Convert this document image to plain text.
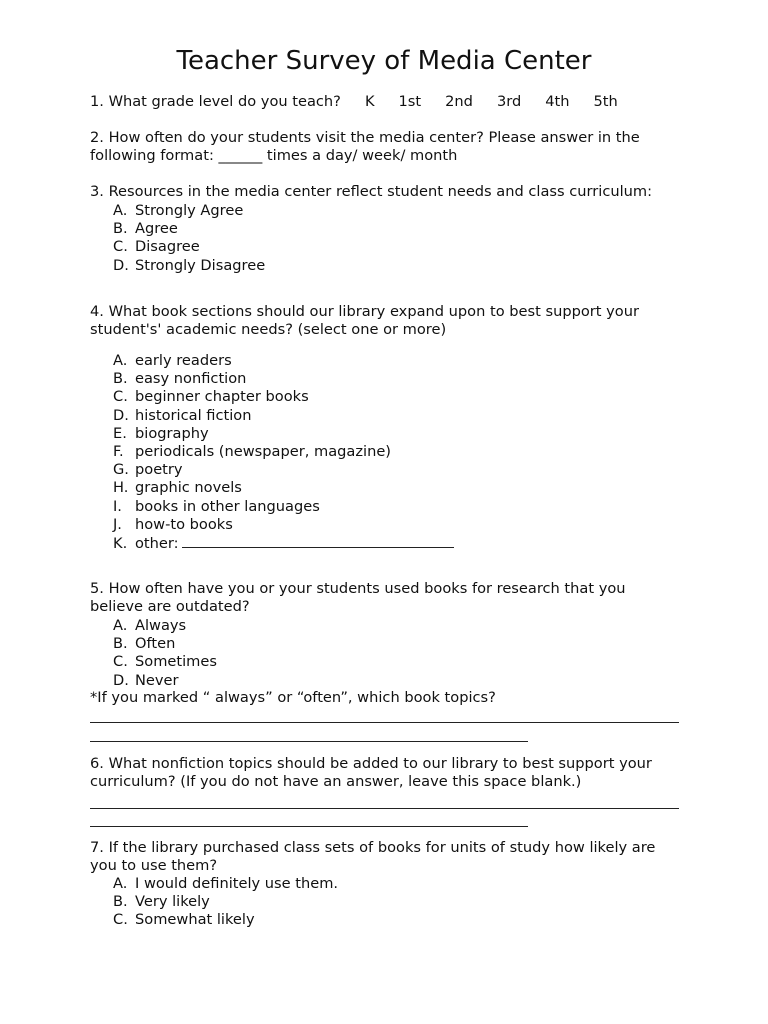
Teacher Survey of Media Center
1. What grade level do you teach? K 1st 2nd 3rd 4th 5th
2. How often do your students visit the media center? Please answer in the
following format: ______ times a day/ week/ month
3. Resources in the media center reflect student needs and class curriculum:
A. Strongly Agree
B. Agree
C. Disagree
D. Strongly Disagree
4. What book sections should our library expand upon to best support your
student's' academic needs? (select one or more)
A. early readers
B. easy nonfiction
C. beginner chapter books
D. historical fiction
E. biography
F. periodicals (newspaper, magazine)
G. poetry
H. graphic novels
I. books in other languages
J. how-to books
K. other:
5. How often have you or your students used books for research that you
believe are outdated?
A. Always
B. Often
C. Sometimes
D. Never
*If you marked “ always” or “often”, which book topics?
6. What nonfiction topics should be added to our library to best support your
curriculum? (If you do not have an answer, leave this space blank.)
7. If the library purchased class sets of books for units of study how likely are
you to use them?
A. I would definitely use them.
B. Very likely
C. Somewhat likely
